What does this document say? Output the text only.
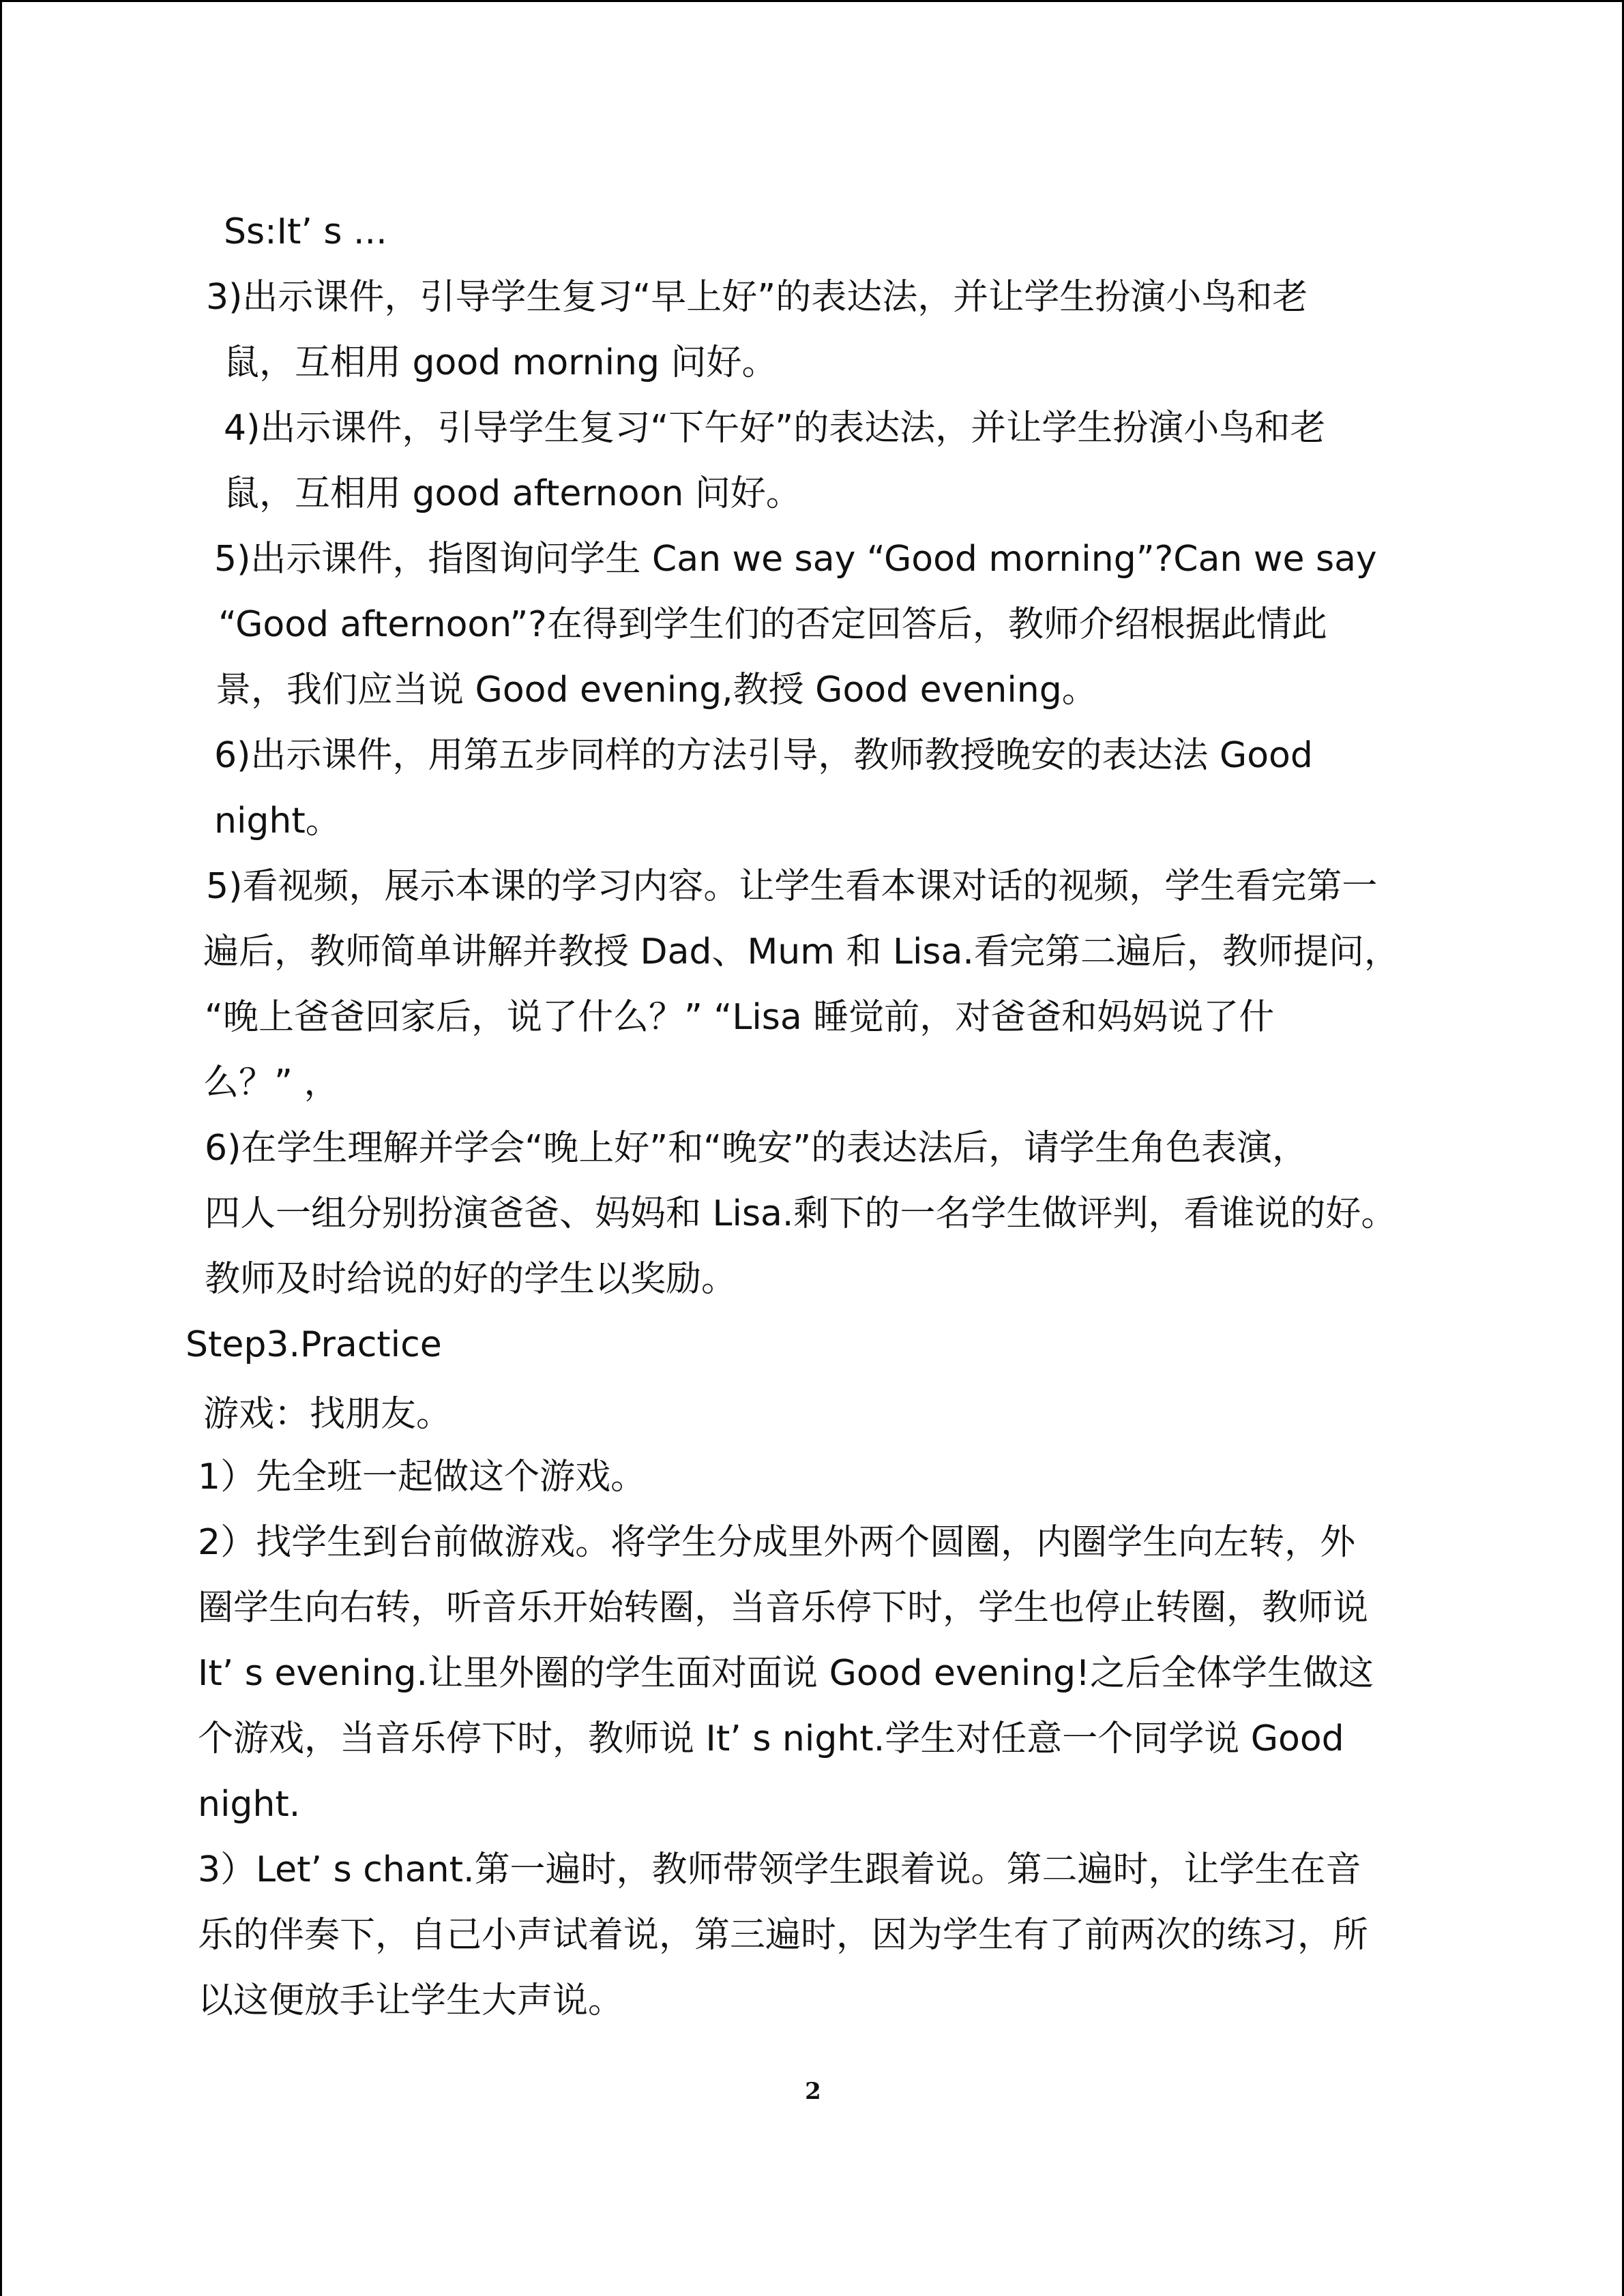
Ss:It’ s ...
3)出示课件，引导学生复习“早上好”的表达法，并让学生扮演小鸟和老
鼠，互相用 good morning 问好。
4)出示课件，引导学生复习“下午好”的表达法，并让学生扮演小鸟和老
鼠，互相用 good afternoon 问好。
5)出示课件，指图询问学生 Can we say “Good morning”?Can we say
“Good afternoon”?在得到学生们的否定回答后，教师介绍根据此情此
景，我们应当说 Good evening,教授 Good evening。
6)出示课件，用第五步同样的方法引导，教师教授晚安的表达法 Good
night。
5)看视频，展示本课的学习内容。让学生看本课对话的视频，学生看完第一
遍后，教师简单讲解并教授 Dad、Mum 和 Lisa.看完第二遍后，教师提问，
“晚上爸爸回家后，说了什么？” “Lisa 睡觉前，对爸爸和妈妈说了什
么？” ，
6)在学生理解并学会“晚上好”和“晚安”的表达法后，请学生角色表演，
四人一组分别扮演爸爸、妈妈和 Lisa.剩下的一名学生做评判，看谁说的好。
教师及时给说的好的学生以奖励。
Step3.Practice
游戏：找朋友。
1）先全班一起做这个游戏。
2）找学生到台前做游戏。将学生分成里外两个圆圈，内圈学生向左转，外
圈学生向右转，听音乐开始转圈，当音乐停下时，学生也停止转圈，教师说
It’ s evening.让里外圈的学生面对面说 Good evening!之后全体学生做这
个游戏，当音乐停下时，教师说 It’ s night.学生对任意一个同学说 Good
night.
3）Let’ s chant.第一遍时，教师带领学生跟着说。第二遍时，让学生在音
乐的伴奏下，自己小声试着说，第三遍时，因为学生有了前两次的练习，所
以这便放手让学生大声说。
2
